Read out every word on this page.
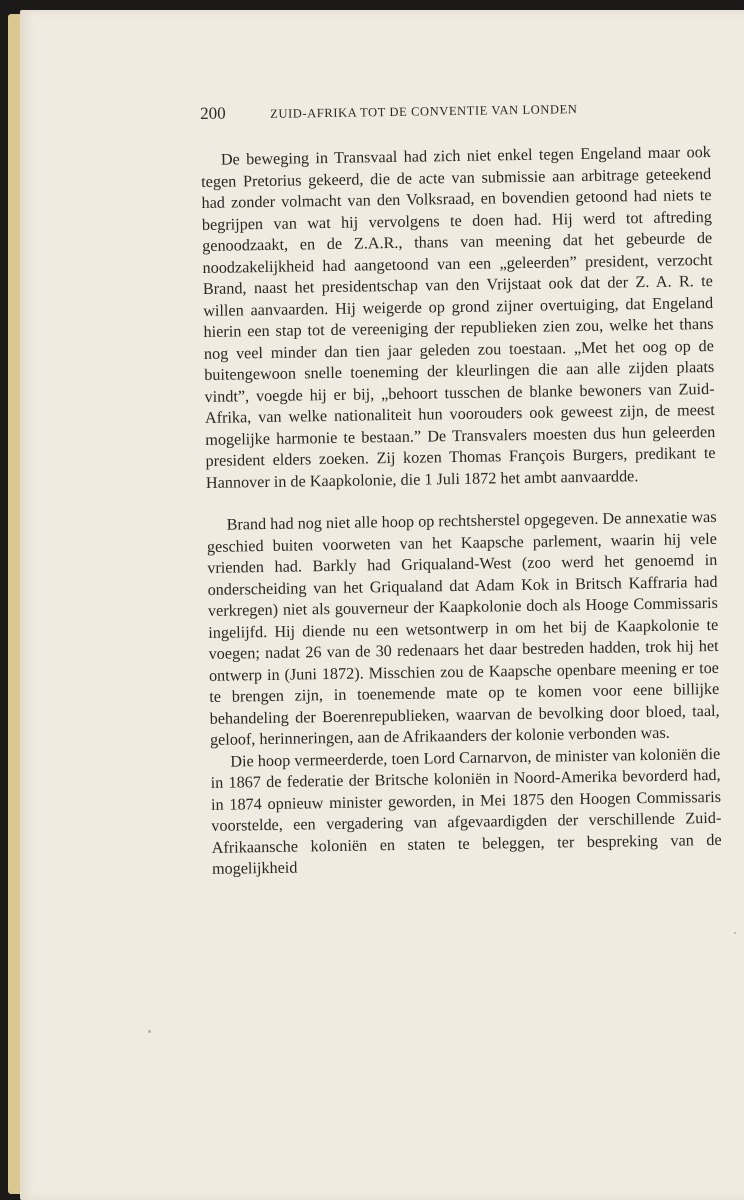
200	ZUID-AFRIKA TOT DE CONVENTIE VAN LONDEN

De beweging in Transvaal had zich niet enkel tegen Engeland maar ook tegen Pretorius gekeerd, die de acte van submissie aan arbitrage geteekend had zonder volmacht van den Volksraad, en bovendien getoond had niets te begrijpen van wat hij vervolgens te doen had. Hij werd tot aftreding genoodzaakt, en de Z.A.R., thans van meening dat het gebeurde de noodzakelijkheid had aangetoond van een „geleerden” president, verzocht Brand, naast het presidentschap van den Vrijstaat ook dat der Z. A. R. te willen aanvaarden. Hij weigerde op grond zijner overtuiging, dat Engeland hierin een stap tot de vereeniging der republieken zien zou, welke het thans nog veel minder dan tien jaar geleden zou toestaan. „Met het oog op de buitengewoon snelle toeneming der kleurlingen die aan alle zijden plaats vindt”, voegde hij er bij, „behoort tusschen de blanke bewoners van Zuid-Afrika, van welke nationaliteit hun voorouders ook geweest zijn, de meest mogelijke harmonie te bestaan.” De Transvalers moesten dus hun geleerden president elders zoeken. Zij kozen Thomas François Burgers, predikant te Hannover in de Kaapkolonie, die 1 Juli 1872 het ambt aanvaardde.

Brand had nog niet alle hoop op rechtsherstel opgegeven. De annexatie was geschied buiten voorweten van het Kaapsche parlement, waarin hij vele vrienden had. Barkly had Griqualand-West (zoo werd het genoemd in onderscheiding van het Griqualand dat Adam Kok in Britsch Kaffraria had verkregen) niet als gouverneur der Kaapkolonie doch als Hooge Commissaris ingelijfd. Hij diende nu een wetsontwerp in om het bij de Kaapkolonie te voegen; nadat 26 van de 30 redenaars het daar bestreden hadden, trok hij het ontwerp in (Juni 1872). Misschien zou de Kaapsche openbare meening er toe te brengen zijn, in toenemende mate op te komen voor eene billijke behandeling der Boerenrepublieken, waarvan de bevolking door bloed, taal, geloof, herinneringen, aan de Afrikaanders der kolonie verbonden was.

Die hoop vermeerderde, toen Lord Carnarvon, de minister van koloniën die in 1867 de federatie der Britsche koloniën in Noord-Amerika bevorderd had, in 1874 opnieuw minister geworden, in Mei 1875 den Hoogen Commissaris voorstelde, een vergadering van afgevaardigden der verschillende Zuid-Afrikaansche koloniën en staten te beleggen, ter bespreking van de mogelijkheid
